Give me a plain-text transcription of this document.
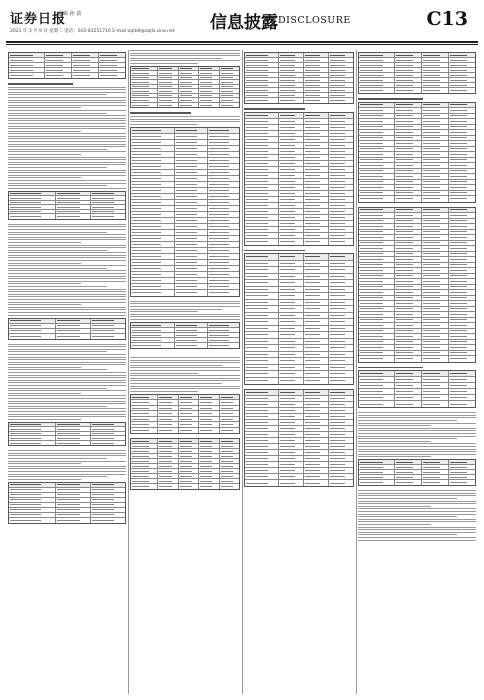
证券日报
编辑 孙 倩
2021 年 3 月 9 日 星期二 电话：010-83251716 E-mail:zqrb9@zqrb.sina.net 信息披露 DISCLOSURE	C13
